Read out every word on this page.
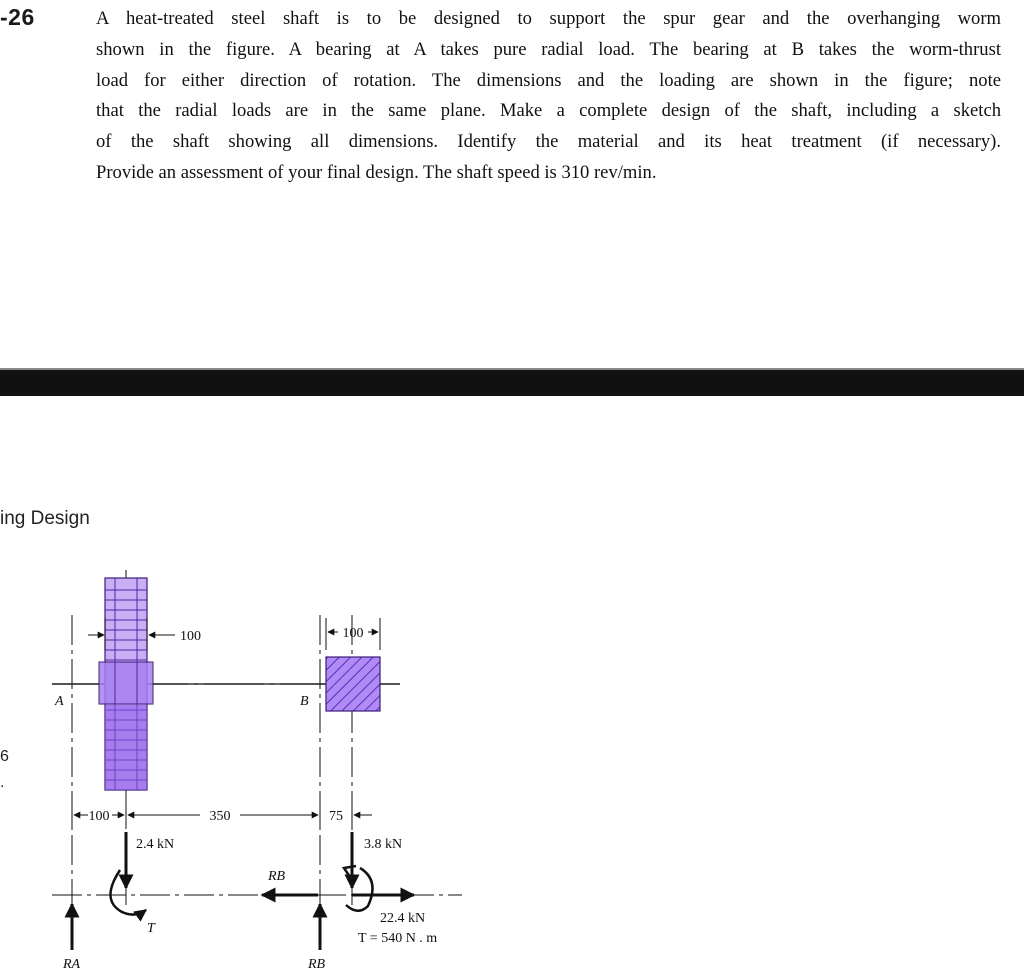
-26	A heat-treated steel shaft is to be designed to support the spur gear and the overhanging worm
shown in the figure. A bearing at A takes pure radial load. The bearing at B takes the worm-thrust
load for either direction of rotation. The dimensions and the loading are shown in the figure; note
that the radial loads are in the same plane. Make a complete design of the shaft, including a sketch
of the shaft showing all dimensions. Identify the material and its heat treatment (if necessary).
Provide an assessment of your final design. The shaft speed is 310 rev/min.
ing Design
6
.
100	100
A	B
100	350	75
2.4 kN
T
RA	RB
RB
3.8 kN
22.4 kN
T = 540 N . m
